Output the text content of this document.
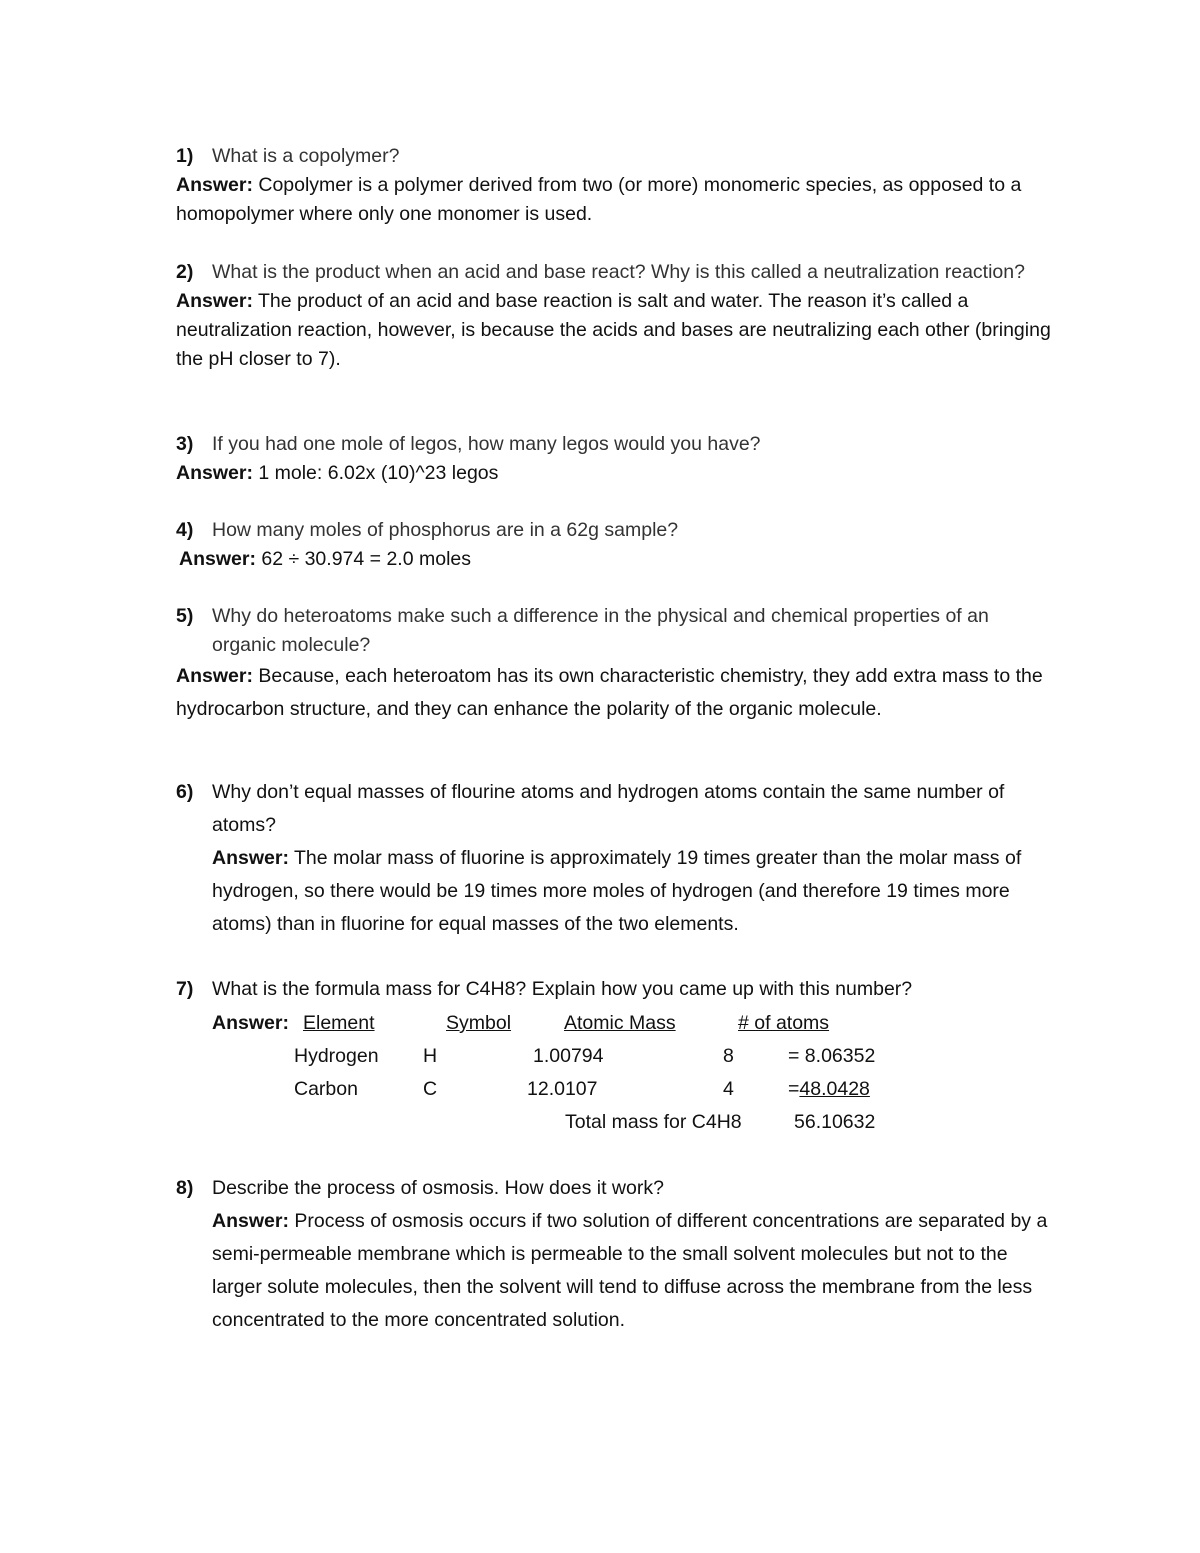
1) What is a copolymer?
Answer: Copolymer is a polymer derived from two (or more) monomeric species, as opposed to a homopolymer where only one monomer is used.
2) What is the product when an acid and base react? Why is this called a neutralization reaction?
Answer: The product of an acid and base reaction is salt and water. The reason it’s called a neutralization reaction, however, is because the acids and bases are neutralizing each other (bringing the pH closer to 7).
3) If you had one mole of legos, how many legos would you have?
Answer: 1 mole: 6.02x (10)^23 legos
4) How many moles of phosphorus are in a 62g sample?
Answer: 62 ÷ 30.974 = 2.0 moles
5) Why do heteroatoms make such a difference in the physical and chemical properties of an organic molecule?
Answer: Because, each heteroatom has its own characteristic chemistry, they add extra mass to the    hydrocarbon structure, and they can enhance the polarity of the organic molecule.
6) Why don’t equal masses of flourine atoms and hydrogen atoms contain the same number of atoms?
Answer: The molar mass of fluorine is approximately 19 times greater than the molar mass of hydrogen, so there would be 19 times more moles of hydrogen (and therefore 19 times more atoms) than in fluorine for equal masses of the two elements.
7) What is the formula mass for C4H8? Explain how you came up with this number?
Answer: Element	Symbol	Atomic Mass	# of atoms
Hydrogen H	1.00794	8	= 8.06352
Carbon	C	12.0107	4	=48.0428
Total mass for C4H8	56.10632
8) Describe the process of osmosis. How does it work?
Answer: Process of osmosis occurs if two solution of different concentrations are separated by a semi-permeable membrane which is permeable to the small solvent molecules but not to the larger solute molecules, then the solvent will tend to diffuse across the membrane from the less concentrated to the more concentrated solution.
